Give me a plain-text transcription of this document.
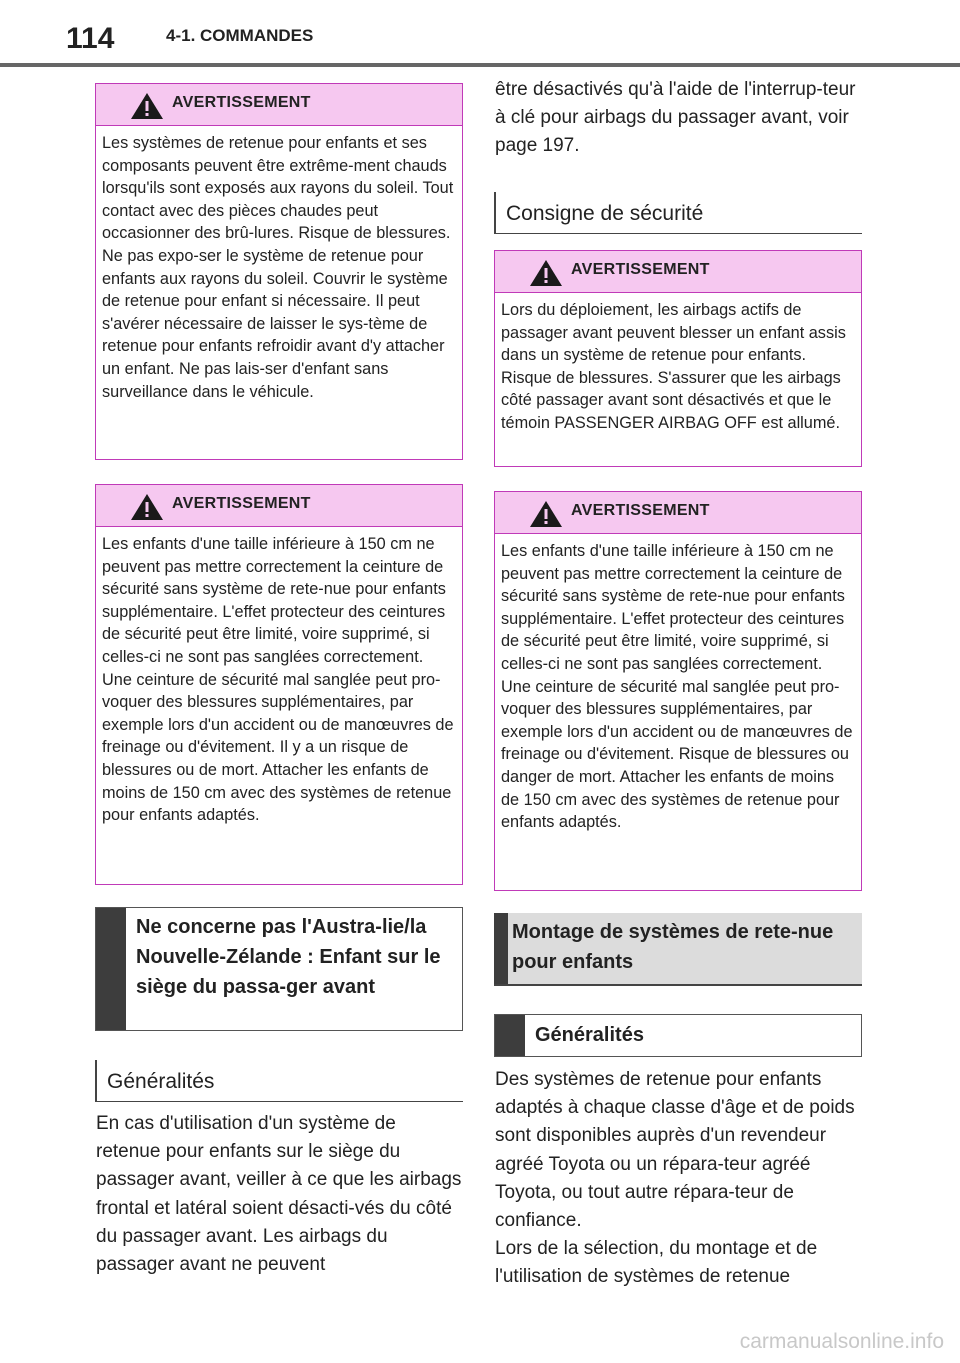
114	4-1. COMMANDES
AVERTISSEMENT
Les systèmes de retenue pour enfants et ses composants peuvent être extrême-ment chauds lorsqu'ils sont exposés aux rayons du soleil. Tout contact avec des pièces chaudes peut occasionner des brû-lures. Risque de blessures. Ne pas expo-ser le système de retenue pour enfants aux rayons du soleil. Couvrir le système de retenue pour enfant si nécessaire. Il peut s'avérer nécessaire de laisser le sys-tème de retenue pour enfants refroidir avant d'y attacher un enfant. Ne pas lais-ser d'enfant sans surveillance dans le véhicule.
AVERTISSEMENT
Les enfants d'une taille inférieure à 150 cm ne peuvent pas mettre correctement la ceinture de sécurité sans système de rete-nue pour enfants supplémentaire. L'effet protecteur des ceintures de sécurité peut être limité, voire supprimé, si celles-ci ne sont pas sanglées correctement. Une ceinture de sécurité mal sanglée peut pro-voquer des blessures supplémentaires, par exemple lors d'un accident ou de manœuvres de freinage ou d'évitement. Il y a un risque de blessures ou de mort. Attacher les enfants de moins de 150 cm avec des systèmes de retenue pour enfants adaptés.
Ne concerne pas l'Austra-lie/la Nouvelle-Zélande : Enfant sur le siège du passa-ger avant
Généralités
En cas d'utilisation d'un système de retenue pour enfants sur le siège du passager avant, veiller à ce que les airbags frontal et latéral soient désacti-vés du côté du passager avant. Les airbags du passager avant ne peuvent
être désactivés qu'à l'aide de l'interrup-teur à clé pour airbags du passager avant, voir page 197.
Consigne de sécurité
AVERTISSEMENT
Lors du déploiement, les airbags actifs de passager avant peuvent blesser un enfant assis dans un système de retenue pour enfants. Risque de blessures. S'assurer que les airbags côté passager avant sont désactivés et que le témoin PASSENGER AIRBAG OFF est allumé.
AVERTISSEMENT
Les enfants d'une taille inférieure à 150 cm ne peuvent pas mettre correctement la ceinture de sécurité sans système de rete-nue pour enfants supplémentaire. L'effet protecteur des ceintures de sécurité peut être limité, voire supprimé, si celles-ci ne sont pas sanglées correctement. Une ceinture de sécurité mal sanglée peut pro-voquer des blessures supplémentaires, par exemple lors d'un accident ou de manœuvres de freinage ou d'évitement. Risque de blessures ou danger de mort. Attacher les enfants de moins de 150 cm avec des systèmes de retenue pour enfants adaptés.
Montage de systèmes de rete-nue pour enfants
Généralités
Des systèmes de retenue pour enfants adaptés à chaque classe d'âge et de poids sont disponibles auprès d'un revendeur agréé Toyota ou un répara-teur agréé Toyota, ou tout autre répara-teur de confiance.
Lors de la sélection, du montage et de l'utilisation de systèmes de retenue
carmanualsonline.info
